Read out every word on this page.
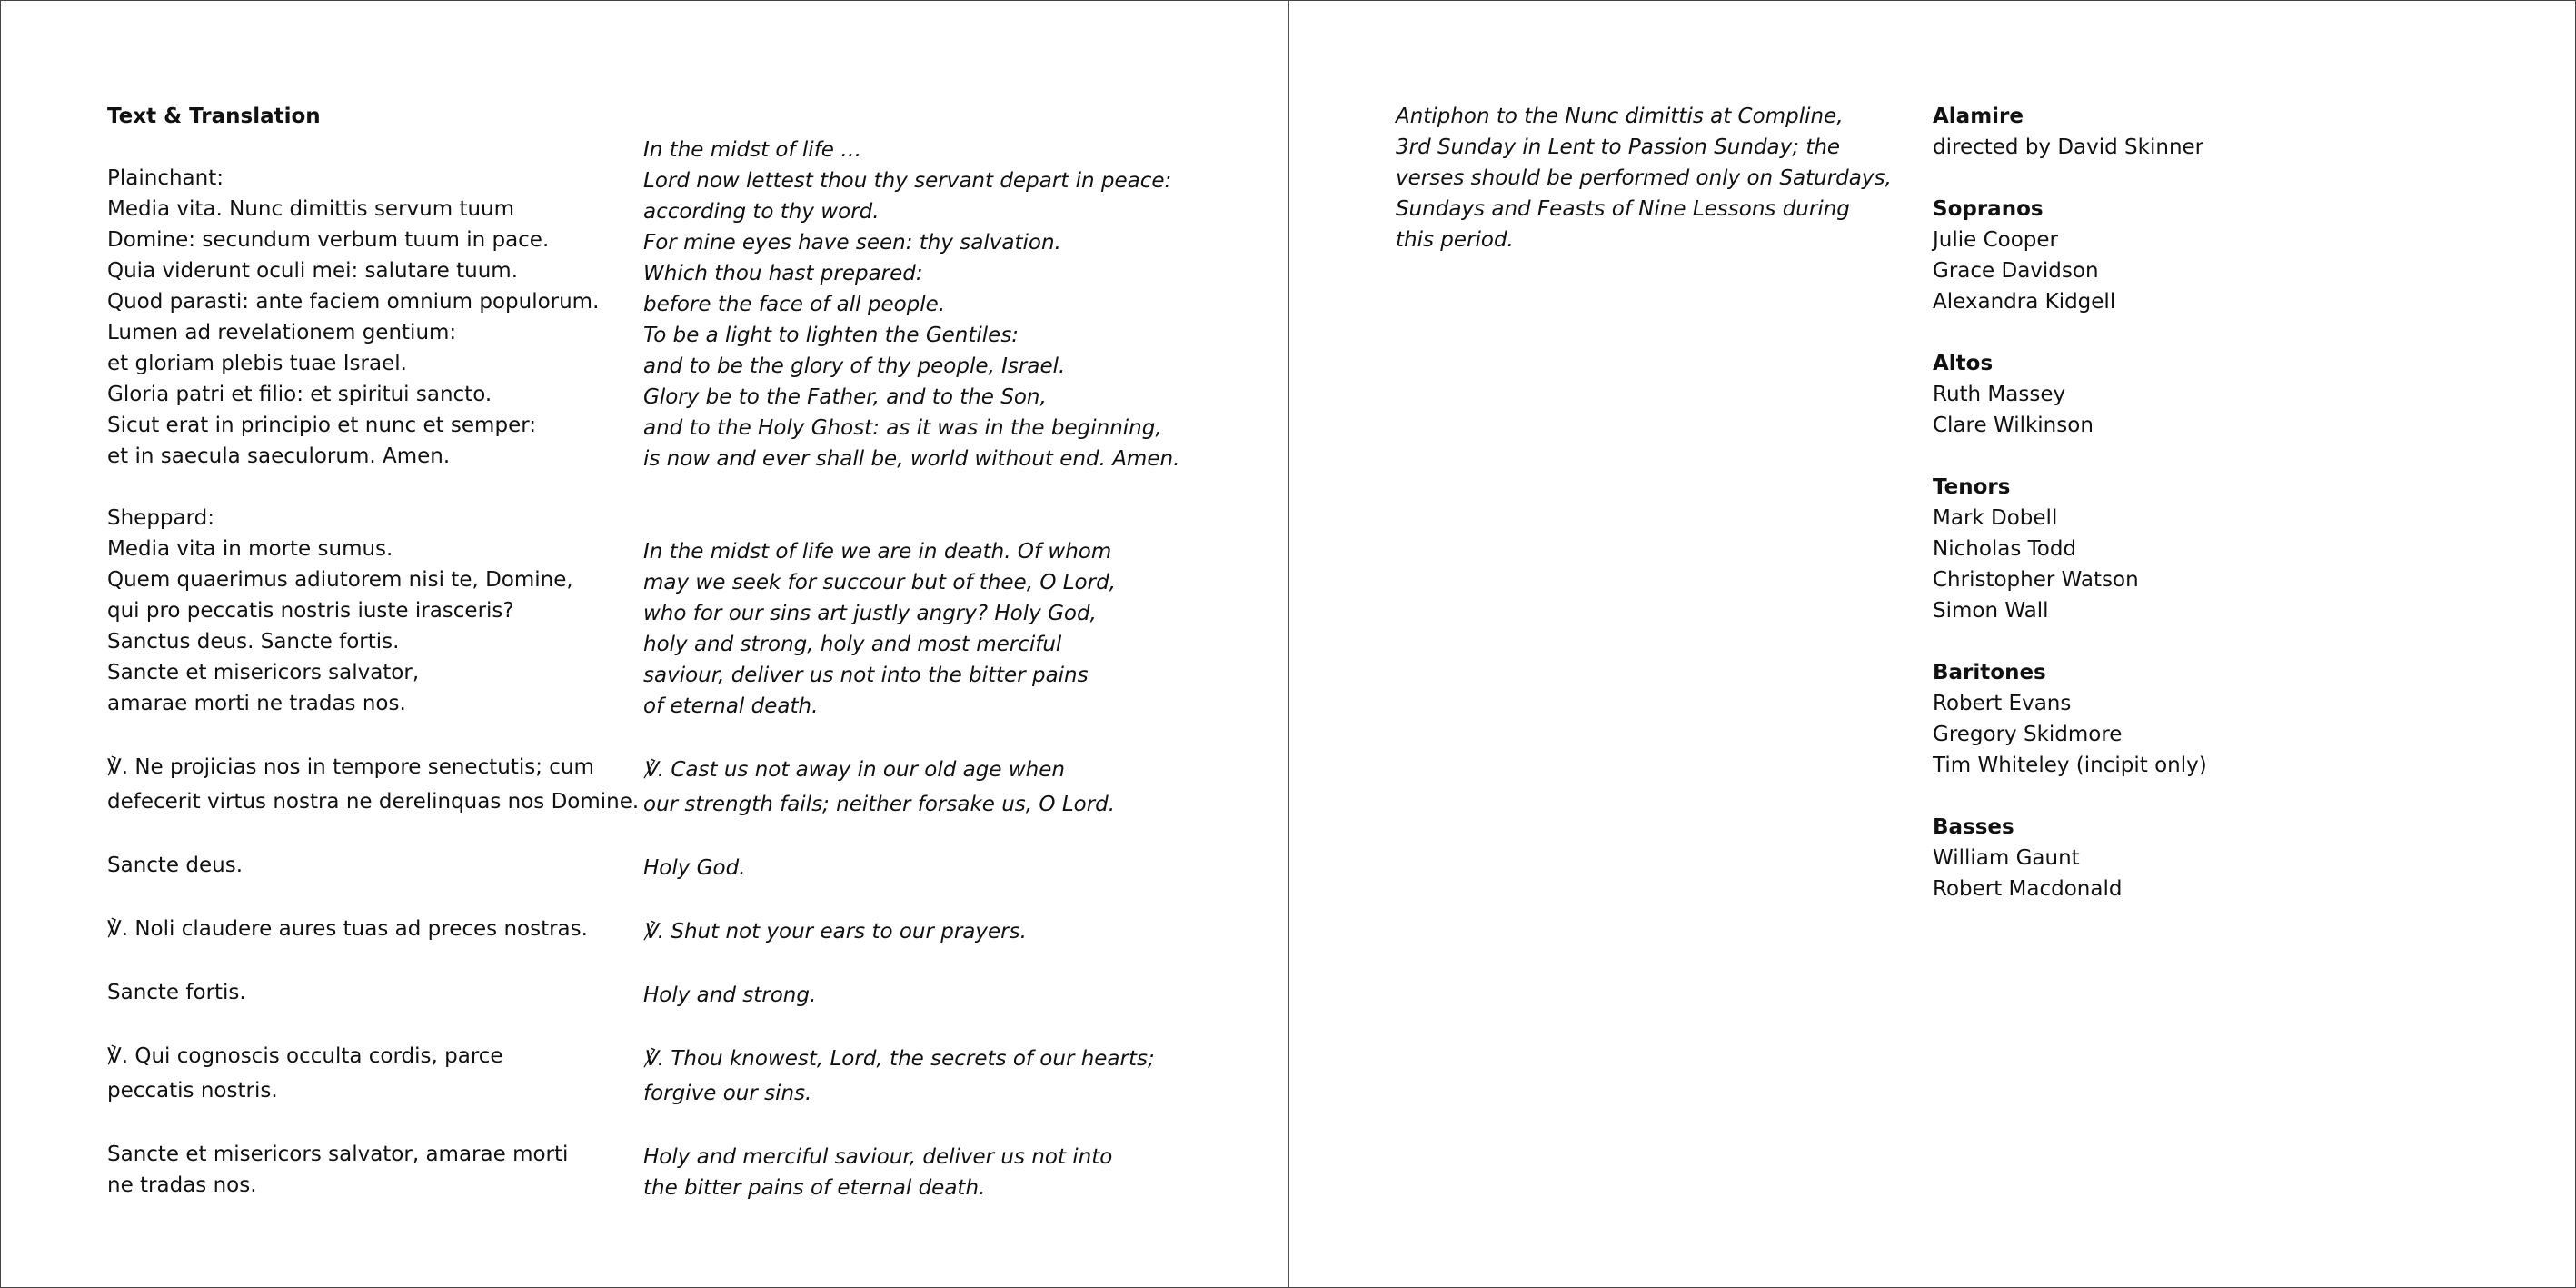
Text & Translation

Plainchant:

Media vita. Nunc dimittis servum tuum

Domine: secundum verbum tuum in pace.

Quia viderunt oculi mei: salutare tuum.

Quod parasti: ante faciem omnium populorum.

Lumen ad revelationem gentium:

et gloriam plebis tuae Israel.

Gloria patri et filio: et spiritui sancto.

Sicut erat in principio et nunc et semper:

et in saecula saeculorum. Amen.

Sheppard:

Media vita in morte sumus.

Quem quaerimus adiutorem nisi te, Domine,

qui pro peccatis nostris iuste irasceris?

Sanctus deus. Sancte fortis.

Sancte et misericors salvator,

amarae morti ne tradas nos.

℣. Ne projicias nos in tempore senectutis; cum

defecerit virtus nostra ne derelinquas nos Domine.

Sancte deus.

℣. Noli claudere aures tuas ad preces nostras.

Sancte fortis.

℣. Qui cognoscis occulta cordis, parce

peccatis nostris.

Sancte et misericors salvator, amarae morti

ne tradas nos.

In the midst of life …

Lord now lettest thou thy servant depart in peace:

according to thy word.

For mine eyes have seen: thy salvation.

Which thou hast prepared:

before the face of all people.

To be a light to lighten the Gentiles:

and to be the glory of thy people, Israel.

Glory be to the Father, and to the Son,

and to the Holy Ghost: as it was in the beginning,

is now and ever shall be, world without end. Amen.

In the midst of life we are in death. Of whom

may we seek for succour but of thee, O Lord,

who for our sins art justly angry? Holy God,

holy and strong, holy and most merciful

saviour, deliver us not into the bitter pains

of eternal death.

℣. Cast us not away in our old age when

our strength fails; neither forsake us, O Lord.

Holy God.

℣. Shut not your ears to our prayers.

Holy and strong.

℣. Thou knowest, Lord, the secrets of our hearts;

forgive our sins.

Holy and merciful saviour, deliver us not into

the bitter pains of eternal death.

Antiphon to the Nunc dimittis at Compline,

3rd Sunday in Lent to Passion Sunday; the

verses should be performed only on Saturdays,

Sundays and Feasts of Nine Lessons during

this period.

Alamire

directed by David Skinner

Sopranos

Julie Cooper

Grace Davidson

Alexandra Kidgell

Altos

Ruth Massey

Clare Wilkinson

Tenors

Mark Dobell

Nicholas Todd

Christopher Watson

Simon Wall

Baritones

Robert Evans

Gregory Skidmore

Tim Whiteley (incipit only)

Basses

William Gaunt

Robert Macdonald
